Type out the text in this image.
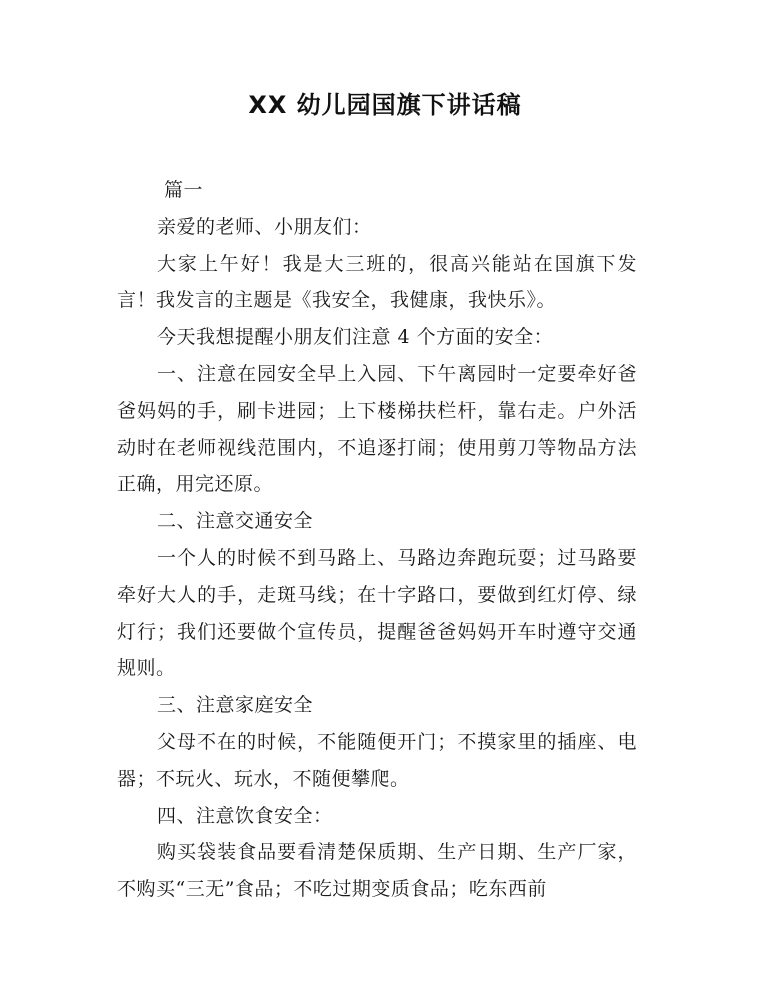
XX 幼儿园国旗下讲话稿

篇一

亲爱的老师、小朋友们：

大家上午好！我是大三班的，很高兴能站在国旗下发言！我发言的主题是《我安全，我健康，我快乐》。

今天我想提醒小朋友们注意 4 个方面的安全：

一、注意在园安全早上入园、下午离园时一定要牵好爸爸妈妈的手，刷卡进园；上下楼梯扶栏杆，靠右走。户外活动时在老师视线范围内，不追逐打闹；使用剪刀等物品方法正确，用完还原。

二、注意交通安全

一个人的时候不到马路上、马路边奔跑玩耍；过马路要牵好大人的手，走斑马线；在十字路口，要做到红灯停、绿灯行；我们还要做个宣传员，提醒爸爸妈妈开车时遵守交通规则。

三、注意家庭安全

父母不在的时候，不能随便开门；不摸家里的插座、电器；不玩火、玩水，不随便攀爬。

四、注意饮食安全：

购买袋装食品要看清楚保质期、生产日期、生产厂家，不购买“三无”食品；不吃过期变质食品；吃东西前
